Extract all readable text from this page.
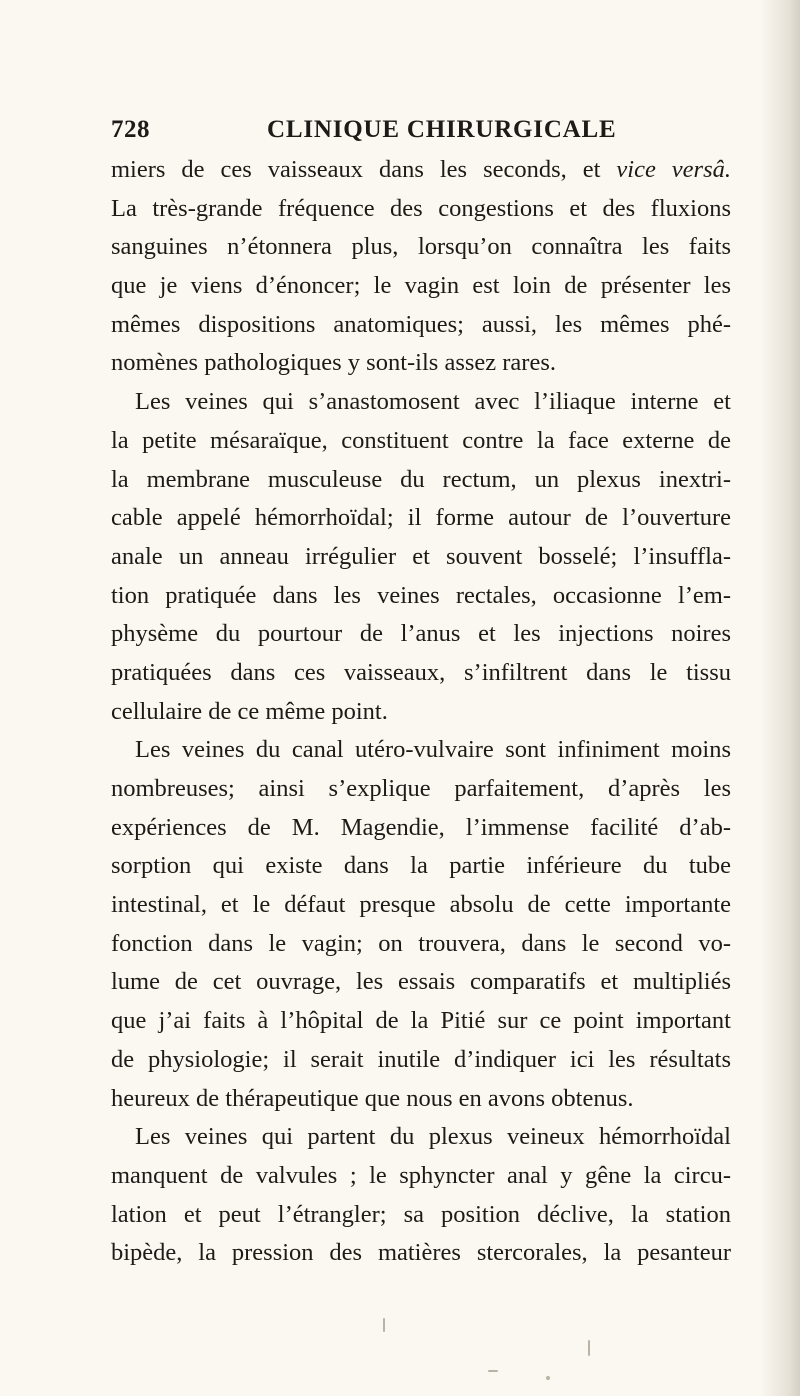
728	CLINIQUE CHIRURGICALE
miers de ces vaisseaux dans les seconds, et vice versâ.
La très-grande fréquence des congestions et des fluxions
sanguines n’étonnera plus, lorsqu’on connaîtra les faits
que je viens d’énoncer; le vagin est loin de présenter les
mêmes dispositions anatomiques; aussi, les mêmes phé-
nomènes pathologiques y sont-ils assez rares.
Les veines qui s’anastomosent avec l’iliaque interne et
la petite mésaraïque, constituent contre la face externe de
la membrane musculeuse du rectum, un plexus inextri-
cable appelé hémorrhoïdal; il forme autour de l’ouverture
anale un anneau irrégulier et souvent bosselé; l’insuffla-
tion pratiquée dans les veines rectales, occasionne l’em-
physème du pourtour de l’anus et les injections noires
pratiquées dans ces vaisseaux, s’infiltrent dans le tissu
cellulaire de ce même point.
Les veines du canal utéro-vulvaire sont infiniment moins
nombreuses; ainsi s’explique parfaitement, d’après les
expériences de M. Magendie, l’immense facilité d’ab-
sorption qui existe dans la partie inférieure du tube
intestinal, et le défaut presque absolu de cette importante
fonction dans le vagin; on trouvera, dans le second vo-
lume de cet ouvrage, les essais comparatifs et multipliés
que j’ai faits à l’hôpital de la Pitié sur ce point important
de physiologie; il serait inutile d’indiquer ici les résultats
heureux de thérapeutique que nous en avons obtenus.
Les veines qui partent du plexus veineux hémorrhoïdal
manquent de valvules ; le sphyncter anal y gêne la circu-
lation et peut l’étrangler; sa position déclive, la station
bipède, la pression des matières stercorales, la pesanteur
